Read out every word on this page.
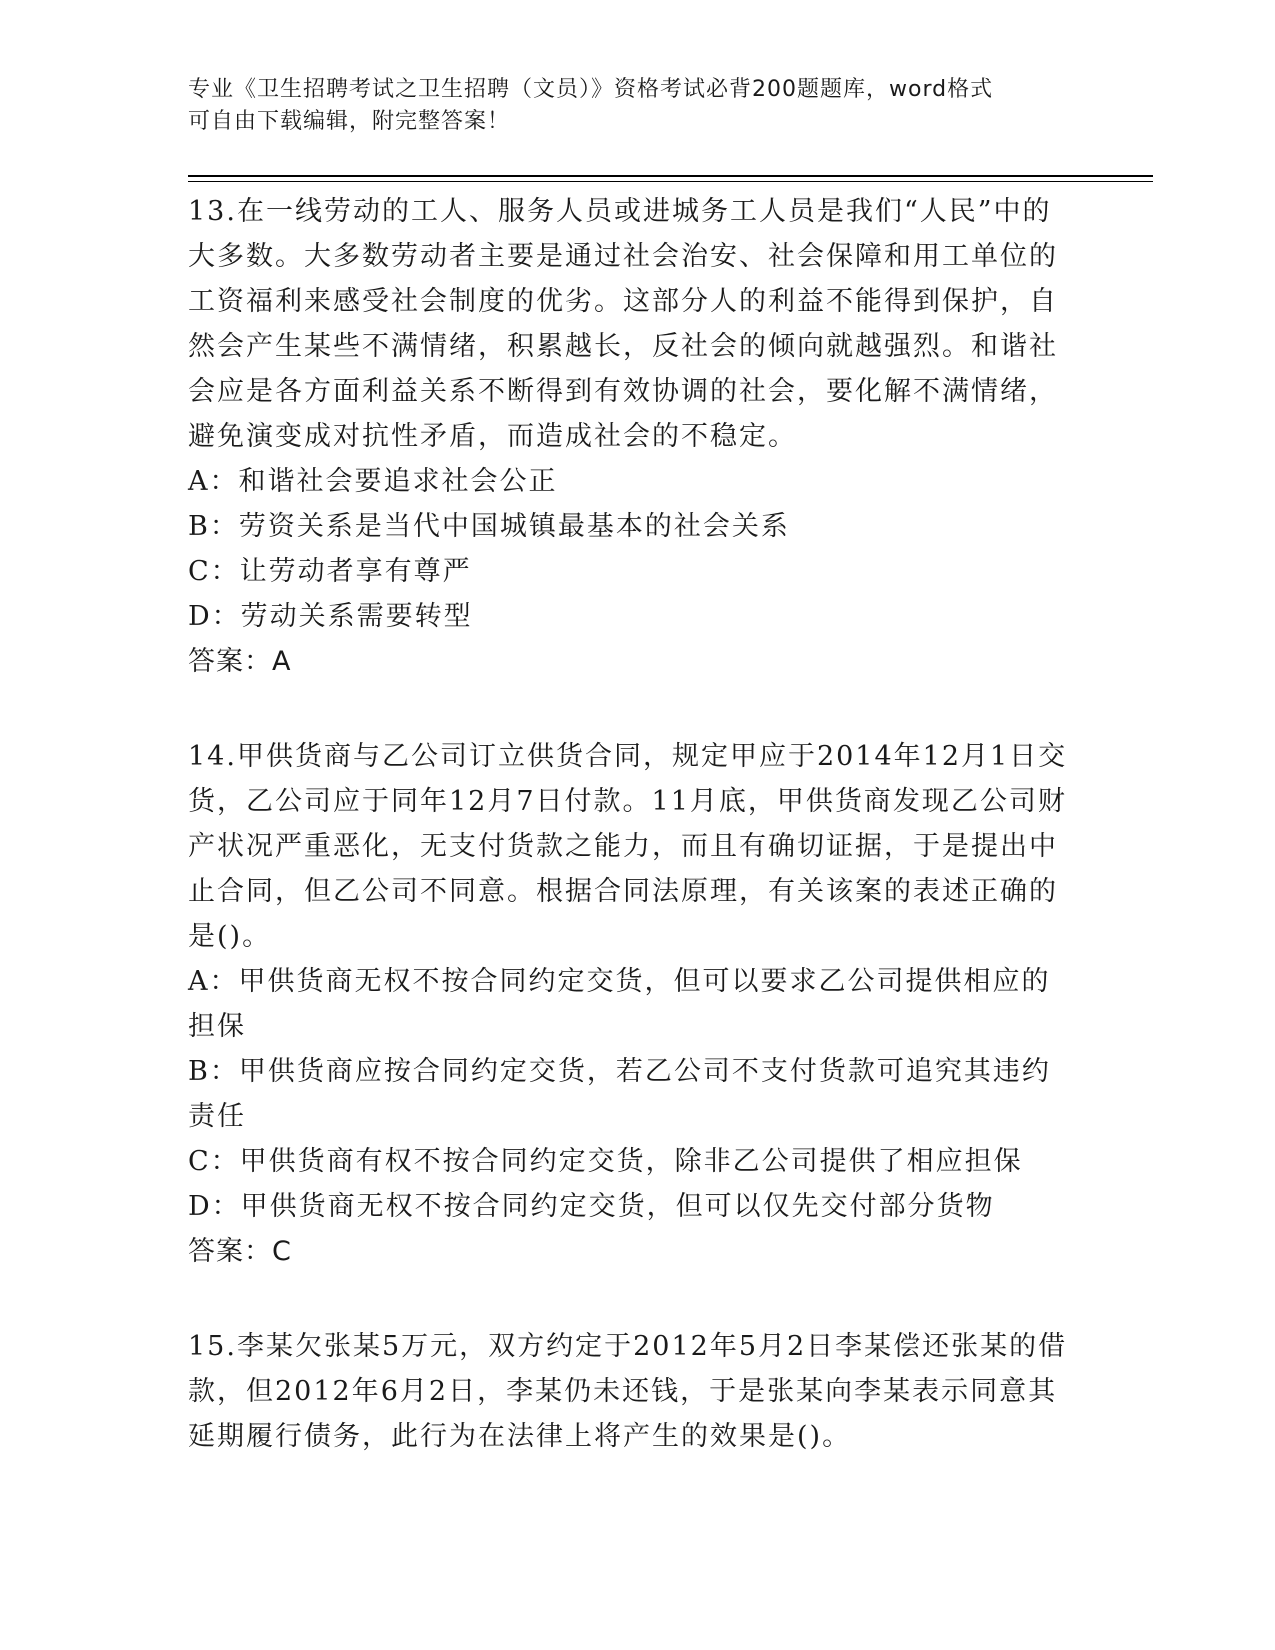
专业《卫生招聘考试之卫生招聘（文员）》资格考试必背200题题库，word格式
可自由下载编辑，附完整答案！

13.在一线劳动的工人、服务人员或进城务工人员是我们“人民”中的大多数。大多数劳动者主要是通过社会治安、社会保障和用工单位的工资福利来感受社会制度的优劣。这部分人的利益不能得到保护，自然会产生某些不满情绪，积累越长，反社会的倾向就越强烈。和谐社会应是各方面利益关系不断得到有效协调的社会，要化解不满情绪，避免演变成对抗性矛盾，而造成社会的不稳定。

A：和谐社会要追求社会公正

B：劳资关系是当代中国城镇最基本的社会关系

C：让劳动者享有尊严

D：劳动关系需要转型

答案：A

14.甲供货商与乙公司订立供货合同，规定甲应于2014年12月1日交货，乙公司应于同年12月7日付款。11月底，甲供货商发现乙公司财产状况严重恶化，无支付货款之能力，而且有确切证据，于是提出中止合同，但乙公司不同意。根据合同法原理，有关该案的表述正确的是()。

A：甲供货商无权不按合同约定交货，但可以要求乙公司提供相应的担保

B：甲供货商应按合同约定交货，若乙公司不支付货款可追究其违约责任

C：甲供货商有权不按合同约定交货，除非乙公司提供了相应担保

D：甲供货商无权不按合同约定交货，但可以仅先交付部分货物

答案：C

15.李某欠张某5万元，双方约定于2012年5月2日李某偿还张某的借款，但2012年6月2日，李某仍未还钱，于是张某向李某表示同意其延期履行债务，此行为在法律上将产生的效果是()。
